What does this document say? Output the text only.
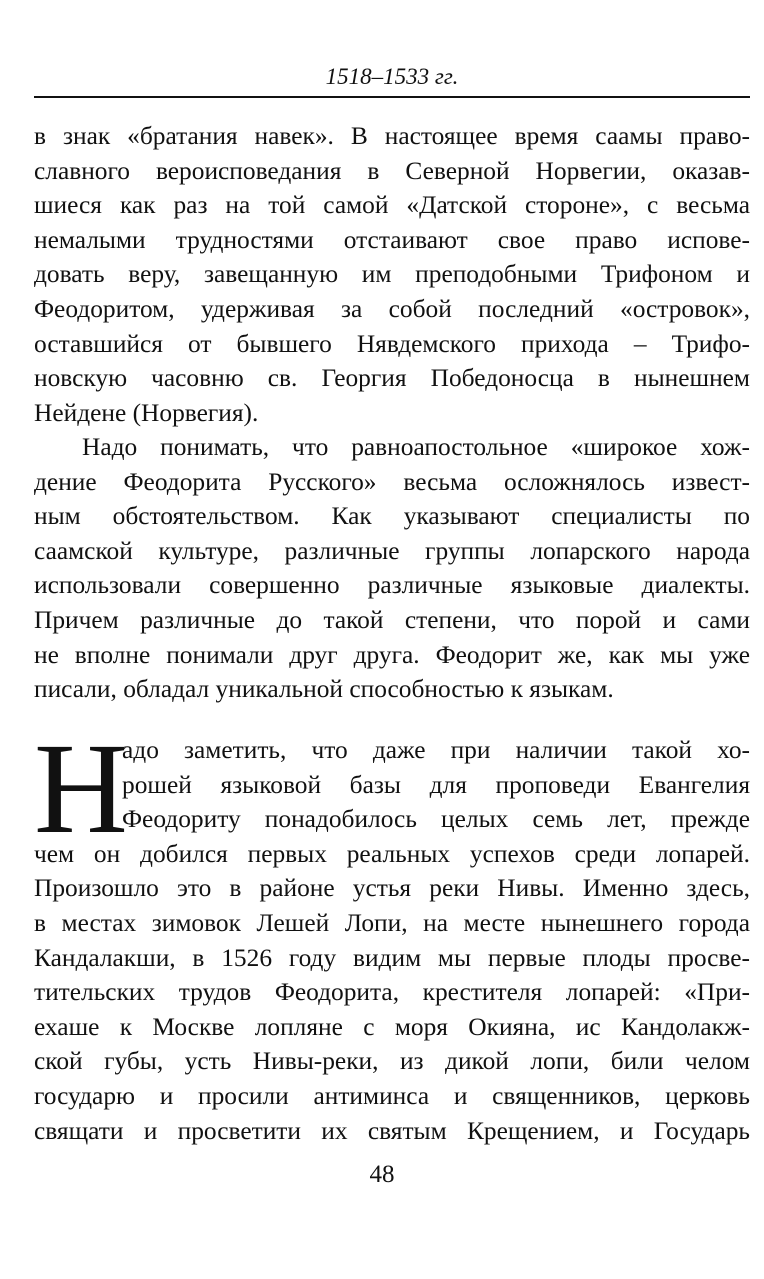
1518–1533 гг.
в знак «братания навек». В настоящее время саамы право-
славного вероисповедания в Северной Норвегии, оказав-
шиеся как раз на той самой «Датской стороне», с весьма
немалыми трудностями отстаивают свое право испове-
довать веру, завещанную им преподобными Трифоном и
Феодоритом, удерживая за собой последний «островок»,
оставшийся от бывшего Нявдемского прихода – Трифо-
новскую часовню св. Георгия Победоносца в нынешнем
Нейдене (Норвегия).
Надо понимать, что равноапостольное «широкое хож-
дение Феодорита Русского» весьма осложнялось извест-
ным обстоятельством. Как указывают специалисты по
саамской культуре, различные группы лопарского народа
использовали совершенно различные языковые диалекты.
Причем различные до такой степени, что порой и сами
не вполне понимали друг друга. Феодорит же, как мы уже
писали, обладал уникальной способностью к языкам.
Н
адо заметить, что даже при наличии такой хо-
рошей языковой базы для проповеди Евангелия
Феодориту понадобилось целых семь лет, прежде
чем он добился первых реальных успехов среди лопарей.
Произошло это в районе устья реки Нивы. Именно здесь,
в местах зимовок Лешей Лопи, на месте нынешнего города
Кандалакши, в 1526 году видим мы первые плоды просве-
тительских трудов Феодорита, крестителя лопарей: «При-
ехаше к Москве лопляне с моря Окияна, ис Кандолакж-
ской губы, усть Нивы-реки, из дикой лопи, били челом
государю и просили антиминса и священников, церковь
свящати и просветити их святым Крещением, и Государь
48
